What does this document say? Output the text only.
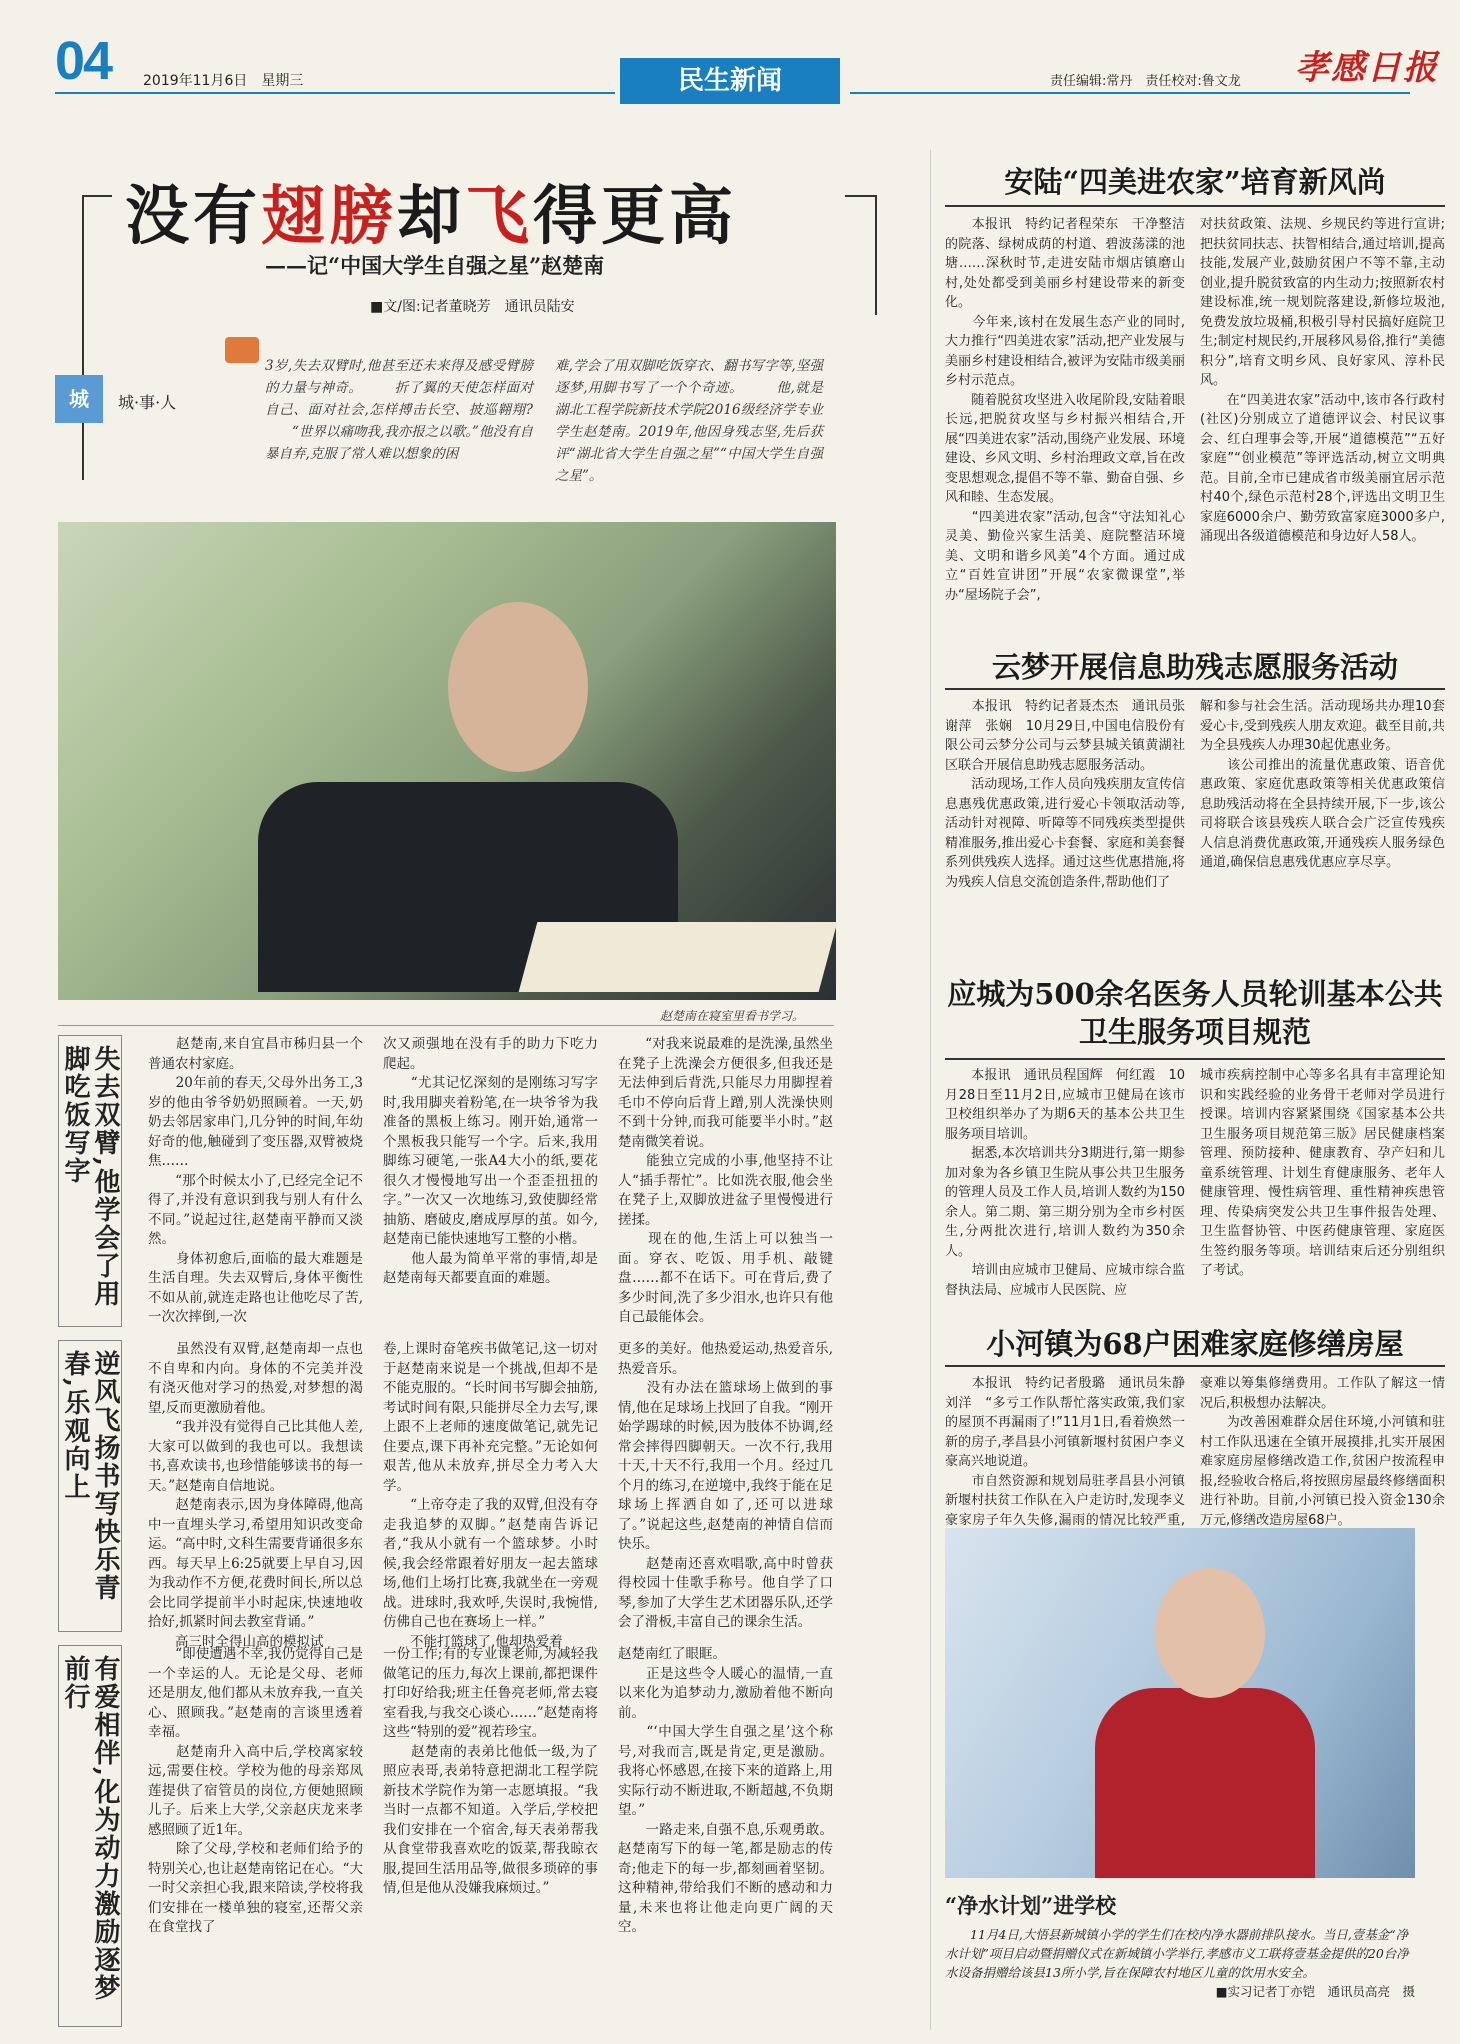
04 2019年11月6日　星期三	民生新闻	责任编辑:常丹　责任校对:鲁文龙 孝感日报
没有翅膀却飞得更高
——记“中国大学生自强之星”赵楚南
■文/图:记者董晓芳　通讯员陆安
城	城·事·人
3岁,失去双臂时,他甚至还未来得及感受臂膀的力量与神奇。 　　折了翼的天使怎样面对自己、面对社会,怎样搏击长空、披巡翱翔? 　　“世界以痛吻我,我亦报之以歌。”他没有自暴自弃,克服了常人难以想象的困
难,学会了用双脚吃饭穿衣、翻书写字等,坚强逐梦,用脚书写了一个个奇迹。 　　他,就是湖北工程学院新技术学院2016级经济学专业学生赵楚南。2019年,他因身残志坚,先后获评“湖北省大学生自强之星”“中国大学生自强之星”。
赵楚南在寝室里看书学习。
失去双臂,他学会了用脚吃饭写字
　　赵楚南,来自宜昌市秭归县一个普通农村家庭。
　　20年前的春天,父母外出务工,3岁的他由爷爷奶奶照顾着。一天,奶奶去邻居家串门,几分钟的时间,年幼好奇的他,触碰到了变压器,双臂被烧焦……
　　“那个时候太小了,已经完全记不得了,并没有意识到我与别人有什么不同。”说起过往,赵楚南平静而又淡然。
　　身体初愈后,面临的最大难题是生活自理。失去双臂后,身体平衡性不如从前,就连走路也让他吃尽了苦,一次次摔倒,一次
次又顽强地在没有手的助力下吃力爬起。
　　“尤其记忆深刻的是刚练习写字时,我用脚夹着粉笔,在一块爷爷为我准备的黑板上练习。刚开始,通常一个黑板我只能写一个字。后来,我用脚练习硬笔,一张A4大小的纸,要花很久才慢慢地写出一个歪歪扭扭的字。”一次又一次地练习,致使脚经常抽筋、磨破皮,磨成厚厚的茧。如今,赵楚南已能快速地写工整的小楷。
　　他人最为简单平常的事情,却是赵楚南每天都要直面的难题。
　　“对我来说最难的是洗澡,虽然坐在凳子上洗澡会方便很多,但我还是无法伸到后背洗,只能尽力用脚捏着毛巾不停向后背上蹭,别人洗澡快则不到十分钟,而我可能要半小时。”赵楚南微笑着说。
　　能独立完成的小事,他坚持不让人“插手帮忙”。比如洗衣服,他会坐在凳子上,双脚放进盆子里慢慢进行搓揉。
　　现在的他,生活上可以独当一面。穿衣、吃饭、用手机、敲键盘……都不在话下。可在背后,费了多少时间,洗了多少泪水,也许只有他自己最能体会。
逆风飞扬书写快乐青春,乐观向上
　　虽然没有双臂,赵楚南却一点也不自卑和内向。身体的不完美并没有浇灭他对学习的热爱,对梦想的渴望,反而更激励着他。
　　“我并没有觉得自己比其他人差,大家可以做到的我也可以。我想读书,喜欢读书,也珍惜能够读书的每一天。”赵楚南自信地说。
　　赵楚南表示,因为身体障碍,他高中一直埋头学习,希望用知识改变命运。“高中时,文科生需要背诵很多东西。每天早上6:25就要上早自习,因为我动作不方便,花费时间长,所以总会比同学提前半小时起床,快速地收拾好,抓紧时间去教室背诵。”
　　高三时全得山高的模拟试
卷,上课时奋笔疾书做笔记,这一切对于赵楚南来说是一个挑战,但却不是不能克服的。“长时间书写脚会抽筋,考试时间有限,只能拼尽全力去写,课上跟不上老师的速度做笔记,就先记住要点,课下再补充完整。”无论如何艰苦,他从未放弃,拼尽全力考入大学。
　　“上帝夺走了我的双臂,但没有夺走我追梦的双脚。”赵楚南告诉记者,“我从小就有一个篮球梦。小时候,我会经常跟着好朋友一起去篮球场,他们上场打比赛,我就坐在一旁观战。进球时,我欢呼,失误时,我惋惜,仿佛自己也在赛场上一样。”
　　不能打篮球了,他却热爱着
更多的美好。他热爱运动,热爱音乐,热爱音乐。
　　没有办法在篮球场上做到的事情,他在足球场上找回了自我。“刚开始学踢球的时候,因为肢体不协调,经常会摔得四脚朝天。一次不行,我用十天,十天不行,我用一个月。经过几个月的练习,在逆境中,我终于能在足球场上挥洒自如了,还可以进球了。”说起这些,赵楚南的神情自信而快乐。
　　赵楚南还喜欢唱歌,高中时曾获得校园十佳歌手称号。他自学了口琴,参加了大学生艺术团器乐队,还学会了滑板,丰富自己的课余生活。
有爱相伴,化为动力激励逐梦前行
　　“即使遭遇不幸,我仍觉得自己是一个幸运的人。无论是父母、老师还是朋友,他们都从未放弃我,一直关心、照顾我。”赵楚南的言谈里透着幸福。
　　赵楚南升入高中后,学校离家较远,需要住校。学校为他的母亲郑凤莲提供了宿管员的岗位,方便她照顾儿子。后来上大学,父亲赵庆龙来孝感照顾了近1年。
　　除了父母,学校和老师们给予的特别关心,也让赵楚南铭记在心。“大一时父亲担心我,跟来陪读,学校将我们安排在一楼单独的寝室,还帮父亲在食堂找了
一份工作;有的专业课老师,为减轻我做笔记的压力,每次上课前,都把课件打印好给我;班主任鲁亮老师,常去寝室看我,与我交心谈心……”赵楚南将这些“特别的爱”视若珍宝。
　　赵楚南的表弟比他低一级,为了照应表哥,表弟特意把湖北工程学院新技术学院作为第一志愿填报。“我当时一点都不知道。入学后,学校把我们安排在一个宿舍,每天表弟帮我从食堂带我喜欢吃的饭菜,帮我晾衣服,提回生活用品等,做很多琐碎的事情,但是他从没嫌我麻烦过。”
赵楚南红了眼眶。
　　正是这些令人暖心的温情,一直以来化为追梦动力,激励着他不断向前。
　　“‘中国大学生自强之星’这个称号,对我而言,既是肯定,更是激励。我将心怀感恩,在接下来的道路上,用实际行动不断进取,不断超越,不负期望。”
　　一路走来,自强不息,乐观勇敢。赵楚南写下的每一笔,都是励志的传奇;他走下的每一步,都刻画着坚韧。这种精神,带给我们不断的感动和力量,未来也将让他走向更广阔的天空。
安陆“四美进农家”培育新风尚
　　本报讯　特约记者程荣东　干净整洁的院落、绿树成荫的村道、碧波荡漾的池塘……深秋时节,走进安陆市烟店镇磨山村,处处都受到美丽乡村建设带来的新变化。
　　今年来,该村在发展生态产业的同时,大力推行“四美进农家”活动,把产业发展与美丽乡村建设相结合,被评为安陆市级美丽乡村示范点。
　　随着脱贫攻坚进入收尾阶段,安陆着眼长远,把脱贫攻坚与乡村振兴相结合,开展“四美进农家”活动,围绕产业发展、环境建设、乡风文明、乡村治理政文章,旨在改变思想观念,提倡不等不靠、勤奋自强、乡风和睦、生态发展。
　　“四美进农家”活动,包含“守法知礼心灵美、勤俭兴家生活美、庭院整洁环境美、文明和谐乡风美”4个方面。通过成立“百姓宣讲团”开展“农家微课堂”,举办“屋场院子会”,
对扶贫政策、法规、乡规民约等进行宣讲;把扶贫同扶志、扶智相结合,通过培训,提高技能,发展产业,鼓励贫困户不等不靠,主动创业,提升脱贫致富的内生动力;按照新农村建设标准,统一规划院落建设,新修垃圾池,免费发放垃圾桶,积极引导村民搞好庭院卫生;制定村规民约,开展移风易俗,推行“美德积分”,培育文明乡风、良好家风、淳朴民风。
　　在“四美进农家”活动中,该市各行政村(社区)分别成立了道德评议会、村民议事会、红白理事会等,开展“道德模范”“五好家庭”“创业模范”等评选活动,树立文明典范。目前,全市已建成省市级美丽宜居示范村40个,绿色示范村28个,评选出文明卫生家庭6000余户、勤劳致富家庭3000多户,涌现出各级道德模范和身边好人58人。
云梦开展信息助残志愿服务活动
　　本报讯　特约记者聂杰杰　通讯员张谢萍　张娴　10月29日,中国电信股份有限公司云梦分公司与云梦县城关镇黄湖社区联合开展信息助残志愿服务活动。
　　活动现场,工作人员向残疾朋友宣传信息惠残优惠政策,进行爱心卡领取活动等,活动针对视障、听障等不同残疾类型提供精准服务,推出爱心卡套餐、家庭和美套餐系列供残疾人选择。通过这些优惠措施,将为残疾人信息交流创造条件,帮助他们了
解和参与社会生活。活动现场共办理10套爱心卡,受到残疾人朋友欢迎。截至目前,共为全县残疾人办理30起优惠业务。
　　该公司推出的流量优惠政策、语音优惠政策、家庭优惠政策等相关优惠政策信息助残活动将在全县持续开展,下一步,该公司将联合该县残疾人联合会广泛宣传残疾人信息消费优惠政策,开通残疾人服务绿色通道,确保信息惠残优惠应享尽享。
应城为500余名医务人员轮训基本公共卫生服务项目规范
　　本报讯　通讯员程国辉　何红霞　10月28日至11月2日,应城市卫健局在该市卫校组织举办了为期6天的基本公共卫生服务项目培训。
　　据悉,本次培训共分3期进行,第一期参加对象为各乡镇卫生院从事公共卫生服务的管理人员及工作人员,培训人数约为150余人。第二期、第三期分别为全市乡村医生,分两批次进行,培训人数约为350余人。
　　培训由应城市卫健局、应城市综合监督执法局、应城市人民医院、应
城市疾病控制中心等多名具有丰富理论知识和实践经验的业务骨干老师对学员进行授课。培训内容紧紧围绕《国家基本公共卫生服务项目规范第三版》居民健康档案管理、预防接种、健康教育、孕产妇和儿童系统管理、计划生育健康服务、老年人健康管理、慢性病管理、重性精神疾患管理、传染病突发公共卫生事件报告处理、卫生监督协管、中医药健康管理、家庭医生签约服务等项。培训结束后还分别组织了考试。
小河镇为68户困难家庭修缮房屋
　　本报讯　特约记者殷璐　通讯员朱静　刘洋　“多亏工作队帮忙落实政策,我们家的屋顶不再漏雨了!”11月1日,看着焕然一新的房子,孝昌县小河镇新堰村贫困户李义豪高兴地说道。
　　市自然资源和规划局驻孝昌县小河镇新堰村扶贫工作队在入户走访时,发现李义豪家房子年久失修,漏雨的情况比较严重,
豪难以筹集修缮费用。工作队了解这一情况后,积极想办法解决。
　　为改善困难群众居住环境,小河镇和驻村工作队迅速在全镇开展摸排,扎实开展困难家庭房屋修缮改造工作,贫困户按流程申报,经验收合格后,将按照房屋最终修缮面积进行补助。目前,小河镇已投入资金130余万元,修缮改造房屋68户。
“净水计划”进学校
　　11月4日,大悟县新城镇小学的学生们在校内净水器前排队接水。当日,壹基金“净水计划”项目启动暨捐赠仪式在新城镇小学举行,孝感市义工联将壹基金提供的20台净水设备捐赠给该县13所小学,旨在保障农村地区儿童的饮用水安全。

■实习记者丁亦铠　通讯员高亮　摄
